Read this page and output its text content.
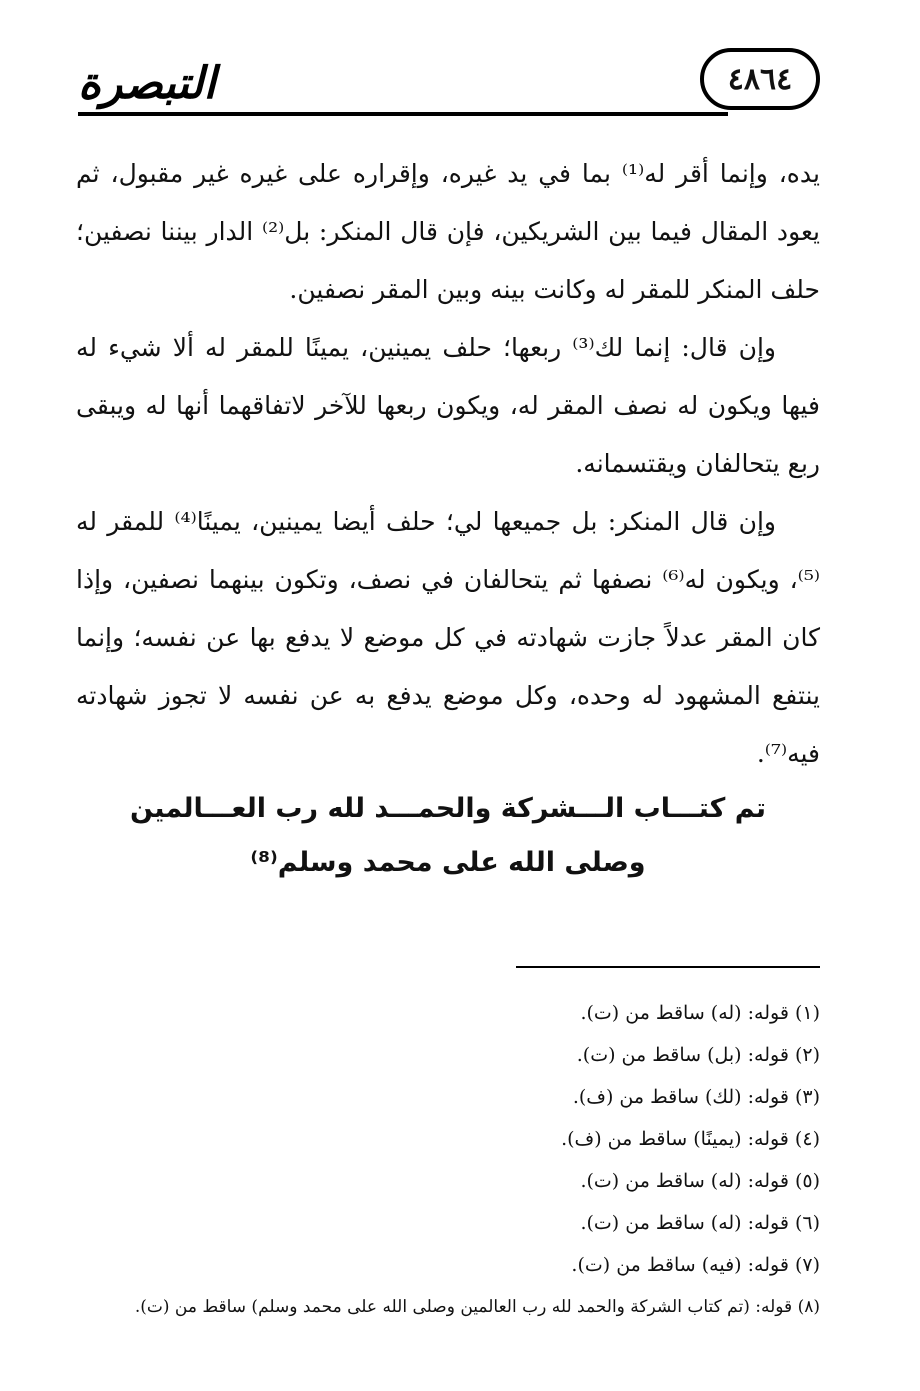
التبصرة	٤٨٦٤

يده، وإنما أقر له⁽¹⁾ بما في يد غيره، وإقراره على غيره غير مقبول، ثم يعود المقال فيما بين الشريكين، فإن قال المنكر: بل⁽²⁾ الدار بيننا نصفين؛ حلف المنكر للمقر له وكانت بينه وبين المقر نصفين.

وإن قال: إنما لك⁽³⁾ ربعها؛ حلف يمينين، يمينًا للمقر له ألا شيء له فيها ويكون له نصف المقر له، ويكون ربعها للآخر لاتفاقهما أنها له ويبقى ربع يتحالفان ويقتسمانه.

وإن قال المنكر: بل جميعها لي؛ حلف أيضا يمينين، يمينًا⁽⁴⁾ للمقر له ⁽⁵⁾، ويكون له⁽⁶⁾ نصفها ثم يتحالفان في نصف، وتكون بينهما نصفين، وإذا كان المقر عدلاً جازت شهادته في كل موضع لا يدفع بها عن نفسه؛ وإنما ينتفع المشهود له وحده، وكل موضع يدفع به عن نفسه لا تجوز شهادته فيه⁽⁷⁾.

تم كتـــاب الـــشركة والحمـــد لله رب العـــالمين
وصلى الله على محمد وسلم⁽⁸⁾
(١) قوله: (له) ساقط من (ت).
(٢) قوله: (بل) ساقط من (ت).
(٣) قوله: (لك) ساقط من (ف).
(٤) قوله: (يمينًا) ساقط من (ف).
(٥) قوله: (له) ساقط من (ت).
(٦) قوله: (له) ساقط من (ت).
(٧) قوله: (فيه) ساقط من (ت).
(٨) قوله: (تم كتاب الشركة والحمد لله رب العالمين وصلى الله على محمد وسلم) ساقط من (ت).
